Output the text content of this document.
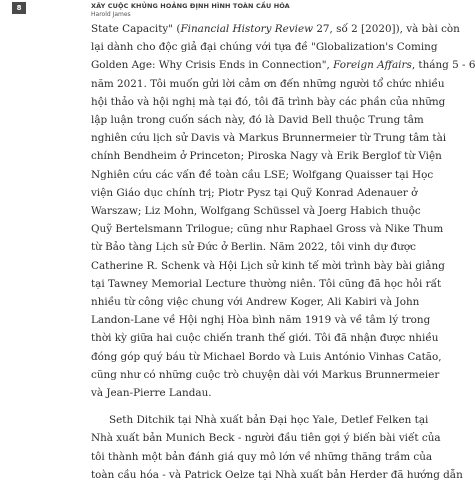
8	XÂY CUỘC KHỦNG HOẢNG ĐỊNH HÌNH TOÀN CẦU HÓA
Harold James

State Capacity" (Financial History Review 27, số 2 [2020]), và bài còn
lại dành cho độc giả đại chúng với tựa đề "Globalization's Coming
Golden Age: Why Crisis Ends in Connection", Foreign Affairs, tháng 5 - 6
năm 2021. Tôi muốn gửi lời cảm ơn đến những người tổ chức nhiều
hội thảo và hội nghị mà tại đó, tôi đã trình bày các phần của những
lập luận trong cuốn sách này, đó là David Bell thuộc Trung tâm
nghiên cứu lịch sử Davis và Markus Brunnermeier từ Trung tâm tài
chính Bendheim ở Princeton; Piroska Nagy và Erik Berglof từ Viện
Nghiên cứu các vấn đề toàn cầu LSE; Wolfgang Quaisser tại Học
viện Giáo dục chính trị; Piotr Pysz tại Quỹ Konrad Adenauer ở
Warszaw; Liz Mohn, Wolfgang Schüssel và Joerg Habich thuộc
Quỹ Bertelsmann Trilogue; cũng như Raphael Gross và Nike Thum
từ Bảo tàng Lịch sử Đức ở Berlin. Năm 2022, tôi vinh dự được
Catherine R. Schenk và Hội Lịch sử kinh tế mời trình bày bài giảng
tại Tawney Memorial Lecture thường niên. Tôi cũng đã học hỏi rất
nhiều từ công việc chung với Andrew Koger, Ali Kabiri và John
Landon-Lane về Hội nghị Hòa bình năm 1919 và về tâm lý trong
thời kỳ giữa hai cuộc chiến tranh thế giới. Tôi đã nhận được nhiều
đóng góp quý báu từ Michael Bordo và Luis António Vinhas Catão,
cũng như có những cuộc trò chuyện dài với Markus Brunnermeier
và Jean-Pierre Landau.

Seth Ditchik tại Nhà xuất bản Đại học Yale, Detlef Felken tại
Nhà xuất bản Munich Beck - người đầu tiên gợi ý biến bài viết của
tôi thành một bản đánh giá quy mô lớn về những thăng trầm của
toàn cầu hóa - và Patrick Oelze tại Nhà xuất bản Herder đã hướng dẫn
